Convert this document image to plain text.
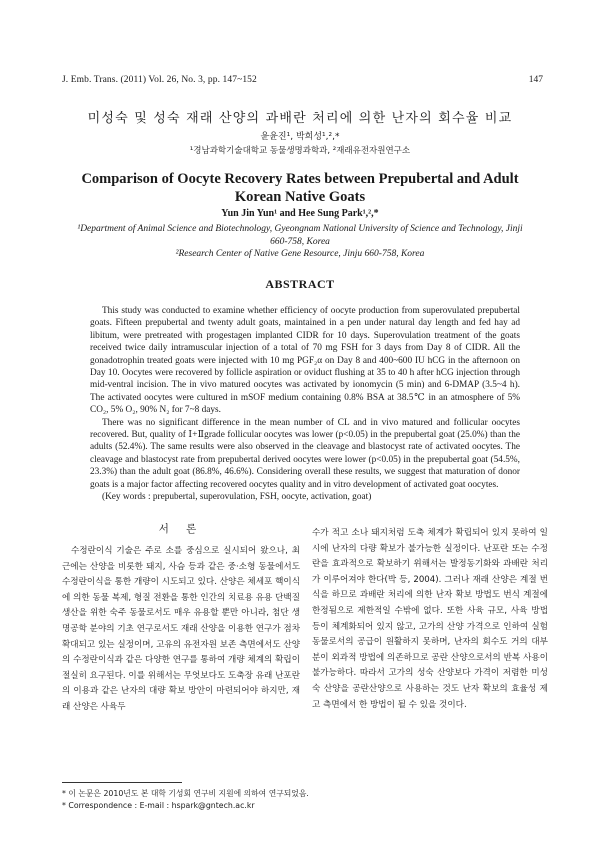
J. Emb. Trans. (2011) Vol. 26, No. 3, pp. 147~152	147
미성숙 및 성숙 재래 산양의 과배란 처리에 의한 난자의 회수율 비교
윤윤진¹, 박희성¹,²,*
¹경남과학기술대학교 동물생명과학과, ²재래유전자원연구소
Comparison of Oocyte Recovery Rates between Prepubertal and Adult Korean Native Goats
Yun Jin Yun¹ and Hee Sung Park¹,²,*
¹Department of Animal Science and Biotechnology, Gyeongnam National University of Science and Technology, Jinji 660-758, Korea
²Research Center of Native Gene Resource, Jinju 660-758, Korea
ABSTRACT

This study was conducted to examine whether efficiency of oocyte production from superovulated prepubertal goats. Fifteen prepubertal and twenty adult goats, maintained in a pen under natural day length and fed hay ad libitum, were pretreated with progestagen implanted CIDR for 10 days. Superovulation treatment of the goats received twice daily intramuscular injection of a total of 70 mg FSH for 3 days from Day 8 of CIDR. All the gonadotrophin treated goats were injected with 10 mg PGF₂α on Day 8 and 400~600 IU hCG in the afternoon on Day 10. Oocytes were recovered by follicle aspiration or oviduct flushing at 35 to 40 h after hCG injection through mid-ventral incision. The in vivo matured oocytes was activated by ionomycin (5 min) and 6-DMAP (3.5~4 h). The activated oocytes were cultured in mSOF medium containing 0.8% BSA at 38.5℃ in an atmosphere of 5% CO₂, 5% O₂, 90% N₂ for 7~8 days.

There was no significant difference in the mean number of CL and in vivo matured and follicular oocytes recovered. But, quality of Ⅰ+Ⅱgrade follicular oocytes was lower (p<0.05) in the prepubertal goat (25.0%) than the adults (52.4%). The same results were also observed in the cleavage and blastocyst rate of activated oocytes. The cleavage and blastocyst rate from prepubertal derived oocytes were lower (p<0.05) in the prepubertal goat (54.5%, 23.3%) than the adult goat (86.8%, 46.6%). Considering overall these results, we suggest that maturation of donor goats is a major factor affecting recovered oocytes quality and in vitro development of activated goat oocytes.

(Key words : prepubertal, superovulation, FSH, oocyte, activation, goat)

서 론

수정란이식 기술은 주로 소를 중심으로 실시되어 왔으나, 최근에는 산양을 비롯한 돼지, 사슴 등과 같은 중·소형 동물에서도 수정란이식을 통한 개량이 시도되고 있다. 산양은 체세포 핵이식에 의한 동물 복제, 형질 전환을 통한 인간의 치료용 유용 단백질 생산을 위한 숙주 동물로서도 매우 유용할 뿐만 아니라, 첨단 생명공학 분야의 기초 연구로서도 재래 산양을 이용한 연구가 점차 확대되고 있는 실정이며, 고유의 유전자원 보존 측면에서도 산양의 수정란이식과 같은 다양한 연구를 통하여 개량 체계의 확립이 절실히 요구된다. 이를 위해서는 무엇보다도 도축장 유래 난포란의 이용과 같은 난자의 대량 확보 방안이 마련되어야 하지만, 재래 산양은 사육두

수가 적고 소나 돼지처럼 도축 체계가 확립되어 있지 못하여 일시에 난자의 다량 확보가 불가능한 실정이다. 난포란 또는 수정란을 효과적으로 확보하기 위해서는 발정동기화와 과배란 처리가 이루어져야 한다(박 등, 2004). 그러나 재래 산양은 계절 번식을 하므로 과배란 처리에 의한 난자 확보 방법도 번식 계절에 한정됨으로 제한적일 수밖에 없다. 또한 사육 규모, 사육 방법 등이 체계화되어 있지 않고, 고가의 산양 가격으로 인하여 실험 동물로서의 공급이 원활하지 못하며, 난자의 회수도 거의 대부분이 외과적 방법에 의존하므로 공란 산양으로서의 반복 사용이 불가능하다. 따라서 고가의 성숙 산양보다 가격이 저렴한 미성숙 산양을 공란산양으로 사용하는 것도 난자 확보의 효율성 제고 측면에서 한 방법이 될 수 있을 것이다.

* 이 논문은 2010년도 본 대학 기성회 연구비 지원에 의하여 연구되었음.
* Correspondence : E-mail : hspark@gntech.ac.kr
